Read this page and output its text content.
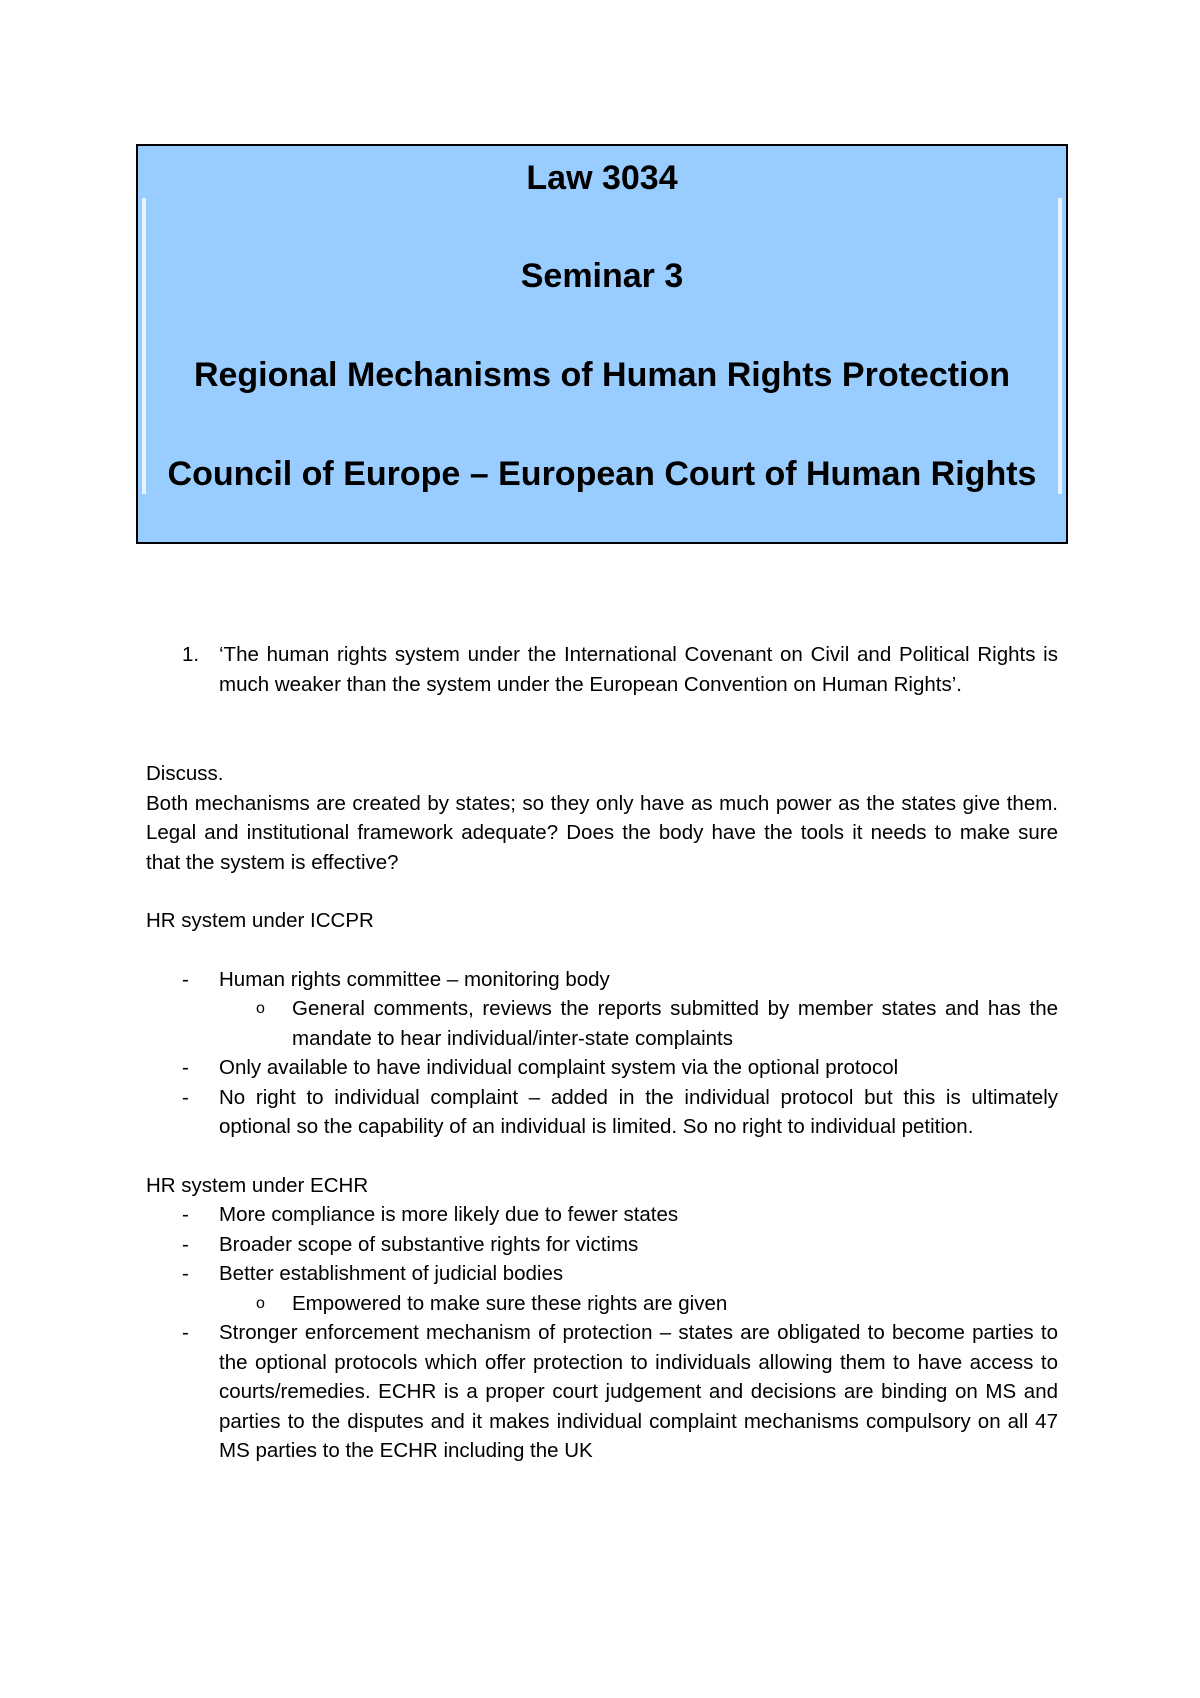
Law 3034
Seminar 3
Regional Mechanisms of Human Rights Protection
Council of Europe – European Court of Human Rights
1. ‘The human rights system under the International Covenant on Civil and Political Rights is much weaker than the system under the European Convention on Human Rights’.
Discuss.
Both mechanisms are created by states; so they only have as much power as the states give them. Legal and institutional framework adequate? Does the body have the tools it needs to make sure that the system is effective?
HR system under ICCPR
- Human rights committee – monitoring body
o General comments, reviews the reports submitted by member states and has the mandate to hear individual/inter-state complaints
- Only available to have individual complaint system via the optional protocol
- No right to individual complaint – added in the individual protocol but this is ultimately optional so the capability of an individual is limited. So no right to individual petition.
HR system under ECHR
- More compliance is more likely due to fewer states
- Broader scope of substantive rights for victims
- Better establishment of judicial bodies
o Empowered to make sure these rights are given
- Stronger enforcement mechanism of protection – states are obligated to become parties to the optional protocols which offer protection to individuals allowing them to have access to courts/remedies. ECHR is a proper court judgement and decisions are binding on MS and parties to the disputes and it makes individual complaint mechanisms compulsory on all 47 MS parties to the ECHR including the UK
